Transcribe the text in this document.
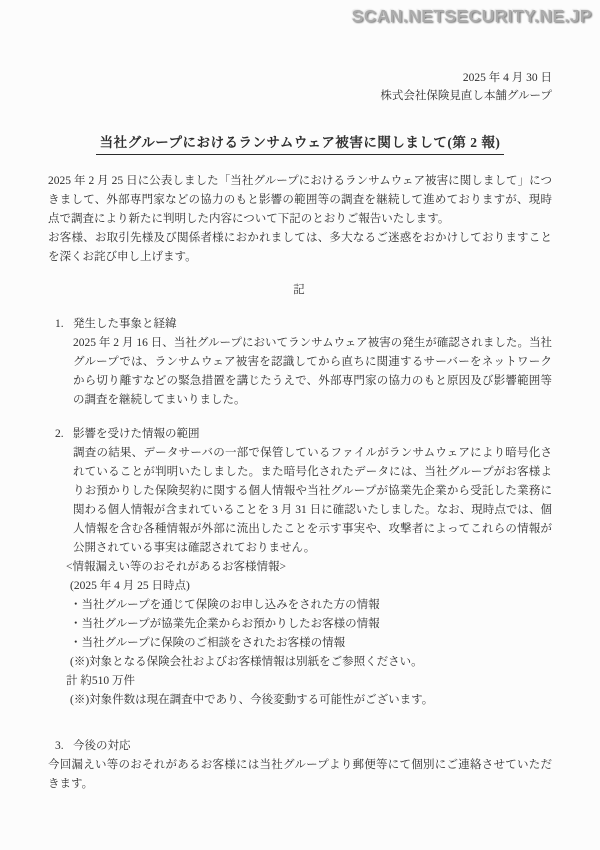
SCAN.NETSECURITY.NE.JP
2025 年 4 月 30 日
株式会社保険見直し本舗グループ
当社グループにおけるランサムウェア被害に関しまして(第 2 報)
2025 年 2 月 25 日に公表しました「当社グループにおけるランサムウェア被害に関しまして」につきまして、外部専門家などの協力のもと影響の範囲等の調査を継続して進めておりますが、現時点で調査により新たに判明した内容について下記のとおりご報告いたします。
お客様、お取引先様及び関係者様におかれましては、多大なるご迷惑をおかけしておりますことを深くお詫び申し上げます。
記
1. 発生した事象と経緯
2025 年 2 月 16 日、当社グループにおいてランサムウェア被害の発生が確認されました。当社グループでは、ランサムウェア被害を認識してから直ちに関連するサーバーをネットワークから切り離すなどの緊急措置を講じたうえで、外部専門家の協力のもと原因及び影響範囲等の調査を継続してまいりました。
2. 影響を受けた情報の範囲
調査の結果、データサーバの一部で保管しているファイルがランサムウェアにより暗号化されていることが判明いたしました。また暗号化されたデータには、当社グループがお客様よりお預かりした保険契約に関する個人情報や当社グループが協業先企業から受託した業務に関わる個人情報が含まれていることを 3 月 31 日に確認いたしました。なお、現時点では、個人情報を含む各種情報が外部に流出したことを示す事実や、攻撃者によってこれらの情報が公開されている事実は確認されておりません。
<情報漏えい等のおそれがあるお客様情報>
(2025 年 4 月 25 日時点)
・当社グループを通じて保険のお申し込みをされた方の情報
・当社グループが協業先企業からお預かりしたお客様の情報
・当社グループに保険のご相談をされたお客様の情報
(※)対象となる保険会社およびお客様情報は別紙をご参照ください。
計 約510 万件
(※)対象件数は現在調査中であり、今後変動する可能性がございます。
3. 今後の対応
今回漏えい等のおそれがあるお客様には当社グループより郵便等にて個別にご連絡させていただきます。
